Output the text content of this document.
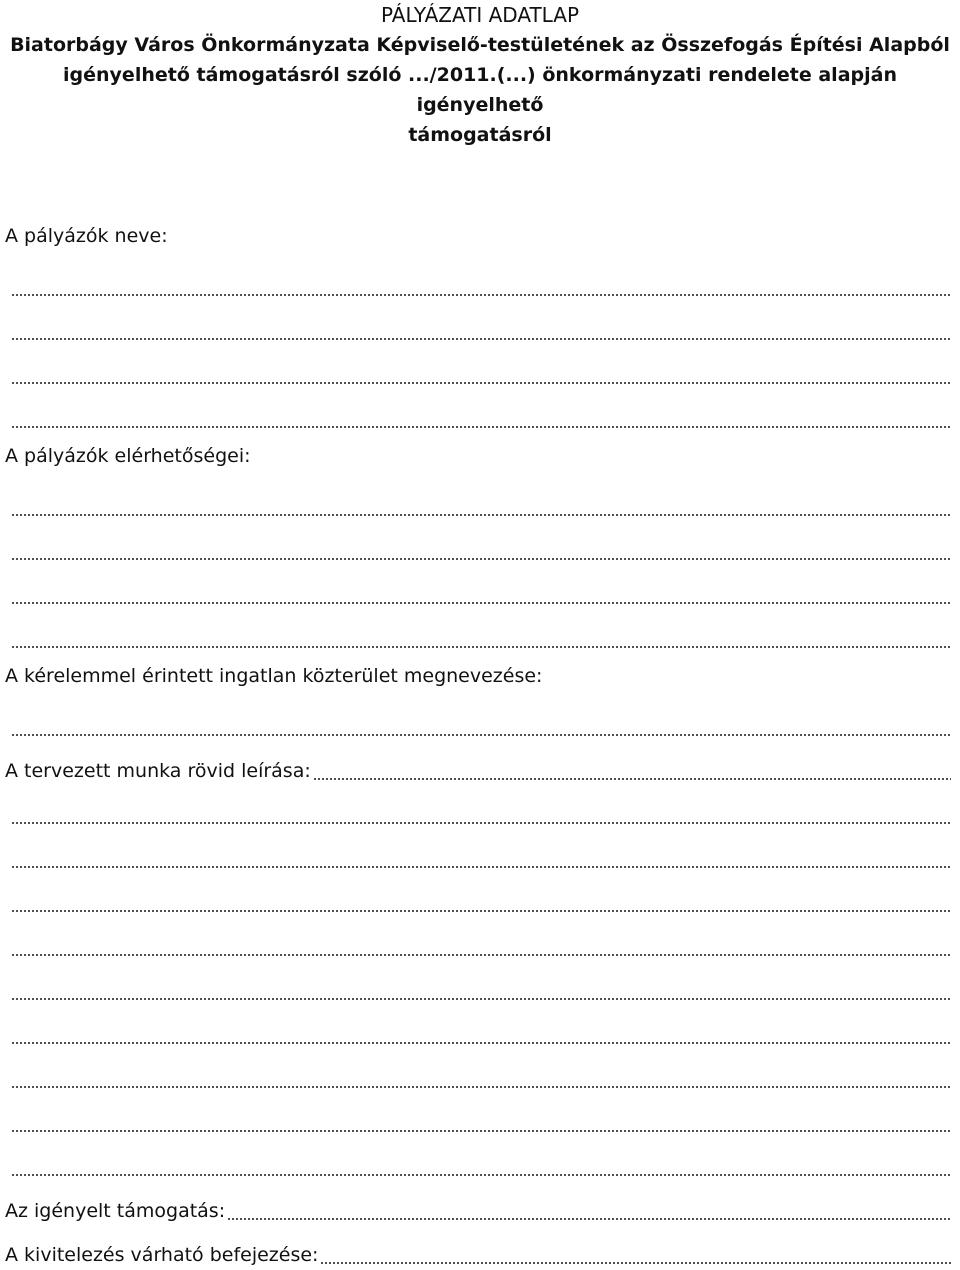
PÁLYÁZATI ADATLAP
Biatorbágy Város Önkormányzata Képviselő-testületének az Összefogás Építési Alapból
igényelhető támogatásról szóló .../2011.(...) önkormányzati rendelete alapján igényelhető
támogatásról
A pályázók neve:
A pályázók elérhetőségei:
A kérelemmel érintett ingatlan közterület megnevezése:
A tervezett munka rövid leírása:
Az igényelt támogatás:
A kivitelezés várható befejezése:
